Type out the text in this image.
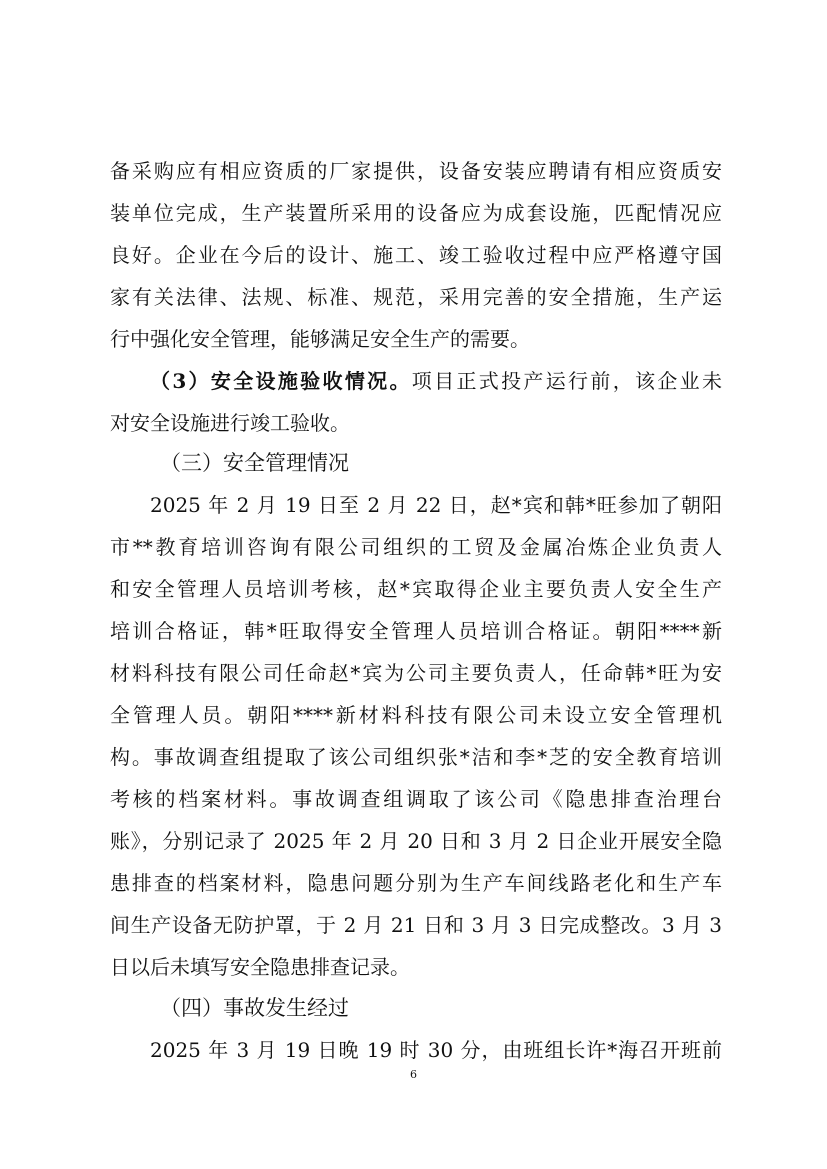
备采购应有相应资质的厂家提供，设备安装应聘请有相应资质安
装单位完成，生产装置所采用的设备应为成套设施，匹配情况应
良好。企业在今后的设计、施工、竣工验收过程中应严格遵守国
家有关法律、法规、标准、规范，采用完善的安全措施，生产运
行中强化安全管理，能够满足安全生产的需要。
（3）安全设施验收情况。项目正式投产运行前，该企业未
对安全设施进行竣工验收。
（三）安全管理情况
2025 年 2 月 19 日至 2 月 22 日，赵*宾和韩*旺参加了朝阳
市**教育培训咨询有限公司组织的工贸及金属冶炼企业负责人
和安全管理人员培训考核，赵*宾取得企业主要负责人安全生产
培训合格证，韩*旺取得安全管理人员培训合格证。朝阳****新
材料科技有限公司任命赵*宾为公司主要负责人，任命韩*旺为安
全管理人员。朝阳****新材料科技有限公司未设立安全管理机
构。事故调查组提取了该公司组织张*洁和李*芝的安全教育培训
考核的档案材料。事故调查组调取了该公司《隐患排查治理台
账》，分别记录了 2025 年 2 月 20 日和 3 月 2 日企业开展安全隐
患排查的档案材料，隐患问题分别为生产车间线路老化和生产车
间生产设备无防护罩，于 2 月 21 日和 3 月 3 日完成整改。3 月 3
日以后未填写安全隐患排查记录。
（四）事故发生经过
2025 年 3 月 19 日晚 19 时 30 分，由班组长许*海召开班前
6
